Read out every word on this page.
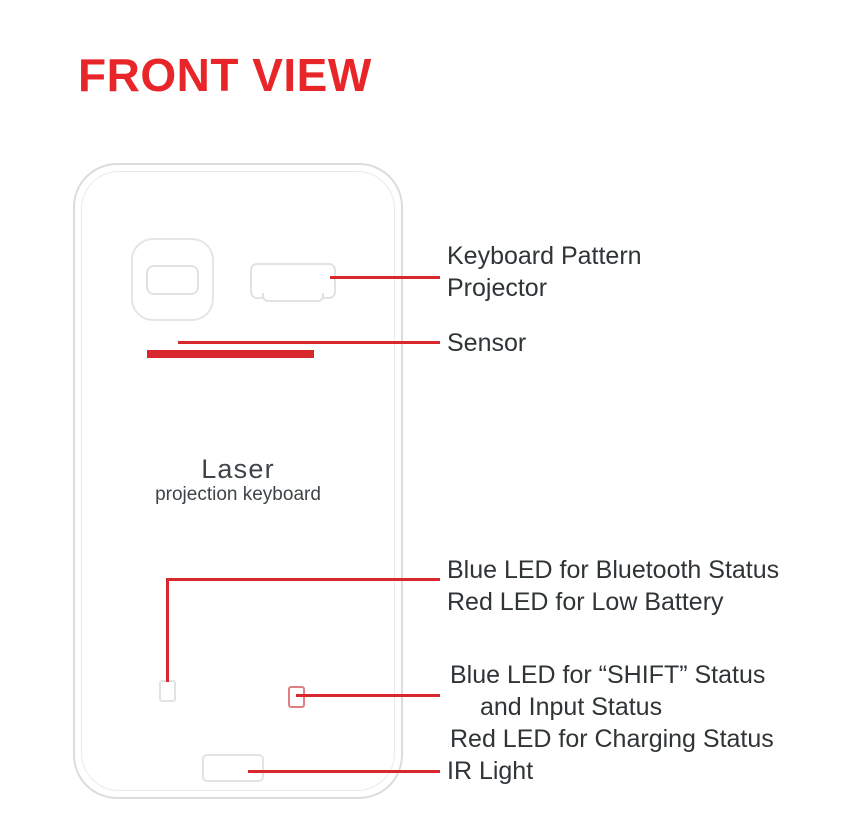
FRONT VIEW
Laser
projection keyboard
Keyboard Pattern
Projector
Sensor
Blue LED for Bluetooth Status
Red LED for Low Battery
Blue LED for “SHIFT” Status
and Input Status
Red LED for Charging Status
IR Light
